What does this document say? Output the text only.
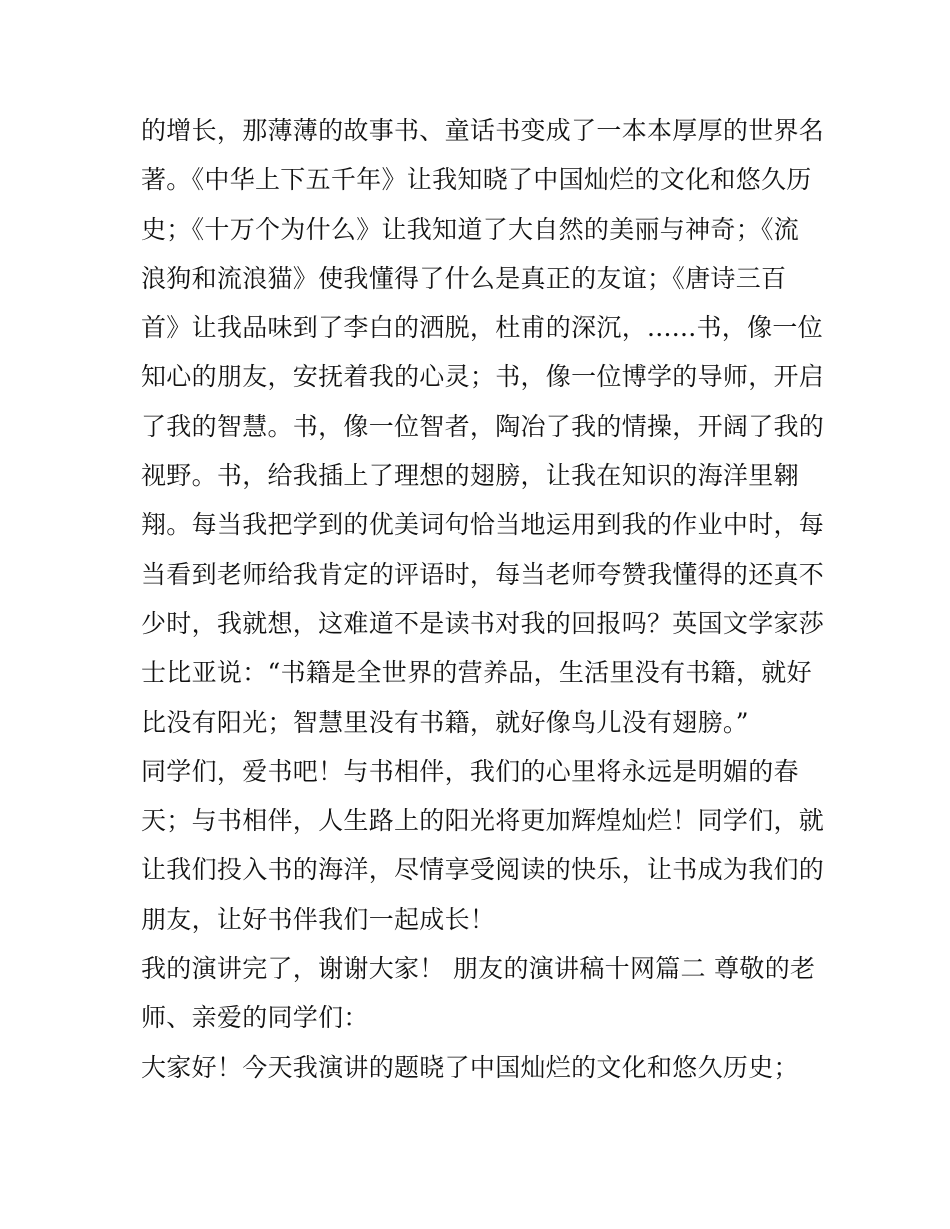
的增长，那薄薄的故事书、童话书变成了一本本厚厚的世界名
著。《中华上下五千年》让我知晓了中国灿烂的文化和悠久历
史；《十万个为什么》让我知道了大自然的美丽与神奇；《流
浪狗和流浪猫》使我懂得了什么是真正的友谊；《唐诗三百
首》让我品味到了李白的洒脱，杜甫的深沉，......书，像一位
知心的朋友，安抚着我的心灵；书，像一位博学的导师，开启
了我的智慧。书，像一位智者，陶冶了我的情操，开阔了我的
视野。书，给我插上了理想的翅膀，让我在知识的海洋里翱
翔。每当我把学到的优美词句恰当地运用到我的作业中时，每
当看到老师给我肯定的评语时，每当老师夸赞我懂得的还真不
少时，我就想，这难道不是读书对我的回报吗？英国文学家莎
士比亚说：“书籍是全世界的营养品，生活里没有书籍，就好
比没有阳光；智慧里没有书籍，就好像鸟儿没有翅膀。”
同学们，爱书吧！与书相伴，我们的心里将永远是明媚的春
天；与书相伴，人生路上的阳光将更加辉煌灿烂！同学们，就
让我们投入书的海洋，尽情享受阅读的快乐，让书成为我们的
朋友，让好书伴我们一起成长！
我的演讲完了，谢谢大家！ 朋友的演讲稿十网篇二 尊敬的老
师、亲爱的同学们：
大家好！今天我演讲的题晓了中国灿烂的文化和悠久历史；
